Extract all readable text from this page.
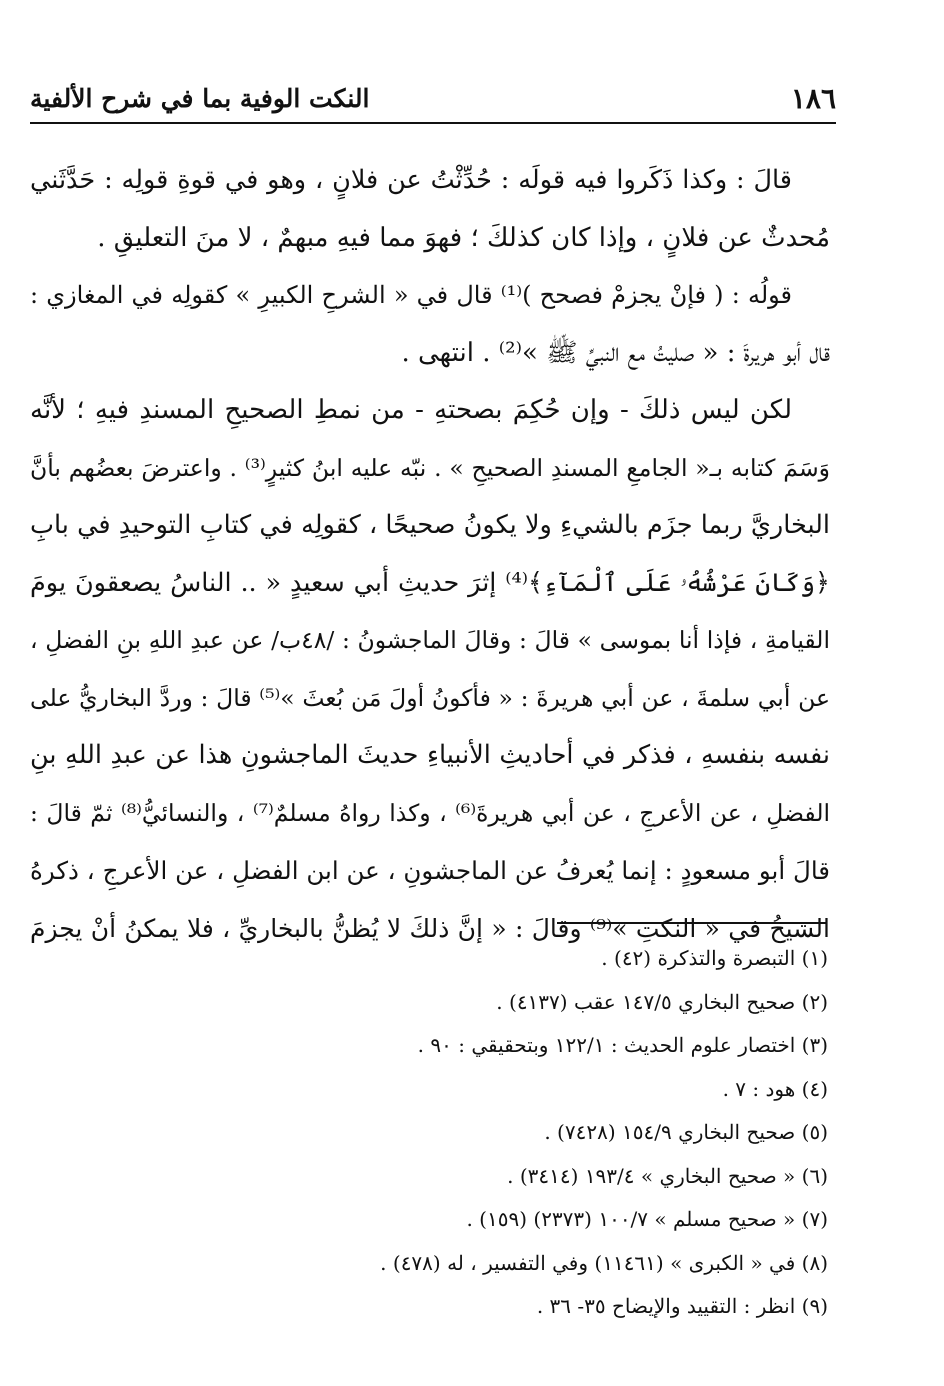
١٨٦
النكت الوفية بما في شرح الألفية
قالَ : وكذا ذَكَروا فيه قولَه : حُدِّثْتُ عن فلانٍ ، وهو في قوةِ قولِه : حَدَّثَني
مُحدثٌ عن فلانٍ ، وإذا كان كذلكَ ؛ فهوَ مما فيهِ مبهمٌ ، لا منَ التعليقِ .
قولُه : ( فإنْ يجزمْ فصحح )⁽¹⁾ قال في « الشرحِ الكبيرِ » كقولِه في المغازي :
قال أبو هريرةَ : « صليتُ مع النبيِّ ﷺ »⁽²⁾ . انتهى .
لكن ليس ذلكَ - وإن حُكِمَ بصحتهِ - من نمطِ الصحيحِ المسندِ فيهِ ؛ لأنَّه
وَسَمَ كتابه بـ« الجامعِ المسندِ الصحيحِ » . نبّه عليه ابنُ كثيرٍ⁽³⁾ . واعترضَ بعضُهم بأنَّ
البخاريَّ ربما جزَم بالشيءِ ولا يكونُ صحيحًا ، كقولِه في كتابِ التوحيدِ في بابِ
﴿وَكَانَ عَرْشُهُۥ عَلَى ٱلْمَآءِ﴾⁽⁴⁾ إثرَ حديثِ أبي سعيدٍ « .. الناسُ يصعقونَ يومَ
القيامةِ ، فإذا أنا بموسى » قالَ : وقالَ الماجشونُ : /٤٨ب/ عن عبدِ اللهِ بنِ الفضلِ ،
عن أبي سلمةَ ، عن أبي هريرةَ : « فأكونُ أولَ مَن بُعثَ »⁽⁵⁾ قالَ : وردَّ البخاريُّ على
نفسه بنفسهِ ، فذكر في أحاديثِ الأنبياءِ حديثَ الماجشونِ هذا عن عبدِ اللهِ بنِ
الفضلِ ، عن الأعرجِ ، عن أبي هريرةَ⁽⁶⁾ ، وكذا رواهُ مسلمٌ⁽⁷⁾ ، والنسائيُّ⁽⁸⁾ ثمّ قالَ :
قالَ أبو مسعودٍ : إنما يُعرفُ عن الماجشونِ ، عن ابن الفضلِ ، عن الأعرجِ ، ذكرهُ
الشيخُ في « النكتِ »⁽⁹⁾ وقالَ : « إنَّ ذلكَ لا يُظنُّ بالبخاريِّ ، فلا يمكنُ أنْ يجزمَ
(١) التبصرة والتذكرة (٤٢) .
(٢) صحيح البخاري ١٤٧/٥ عقب (٤١٣٧) .
(٣) اختصار علوم الحديث : ١٢٢/١ وبتحقيقي : ٩٠ .
(٤) هود : ٧ .
(٥) صحيح البخاري ١٥٤/٩ (٧٤٢٨) .
(٦) « صحيح البخاري » ١٩٣/٤ (٣٤١٤) .
(٧) « صحيح مسلم » ١٠٠/٧ (٢٣٧٣) (١٥٩) .
(٨) في « الكبرى » (١١٤٦١) وفي التفسير ، له (٤٧٨) .
(٩) انظر : التقييد والإيضاح ٣٥- ٣٦ .
